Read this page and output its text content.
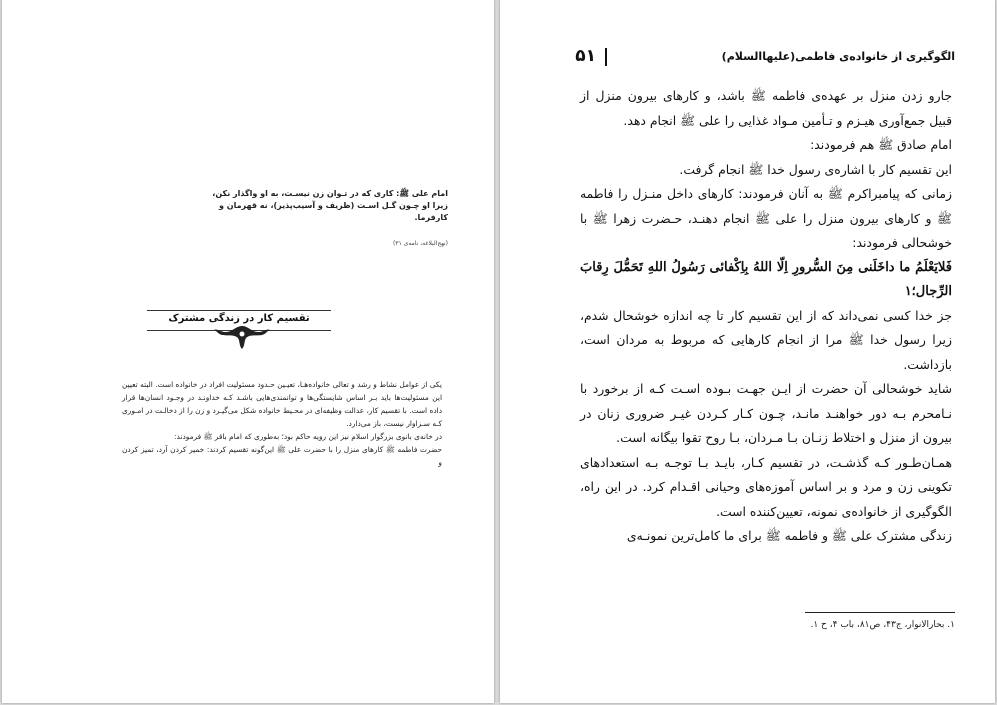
امام علی ﷺ: کاری که در تـوان زن نیسـت، به او واگذار نکن، زیرا او چـون گـل اسـت (ظریف و آسیب‌پذیر)، نه قهرمان و کارفرما.
(نهج‌البلاغه، نامه‌ی ۳۱)
تقسیم کار در زندگی مشترک

یکی از عوامل نشاط و رشد و تعالی خانواده‌هـا، تعیـین حـدود مسئولیت افراد در خانواده است. البته تعیین این مسئولیت‌ها باید بـر اساس شایستگی‌ها و توانمندی‌هایی باشـد کـه خداونـد در وجـود انسان‌ها قرار داده است. با تقسیم کار، عدالت وظیفه‌ای در محـیط خانواده شکل می‌گیـرد و زن را از دخالـت در امـوری کـه سـزاوار نیست، باز می‌دارد.

در خانه‌ی بانوی بزرگوار اسلام نیز این رویه حاکم بود؛ به‌طوری که امام باقر ﷺ فرمودند:

حضرت فاطمه ﷺ کارهای منزل را با حضرت علی ﷺ این‌گونه تقسیم کردند: خمیر کردن آرد، تمیز کردن و

۵۱	الگوگیری از خانواده‌ی فاطمی(علیهاالسلام)

جارو زدن منزل بر عهده‌ی فاطمه ﷺ باشد، و کارهای بیرون منزل از قبیل جمع‌آوری هیـزم و تـأمین مـواد غذایی را علی ﷺ انجام دهد.

امام صادق ﷺ هم فرمودند:

این تقسیم کار با اشاره‌ی رسول خدا ﷺ انجام گرفت.

زمانی که پیامبراکرم ﷺ به آنان فرمودند: کارهای داخل منـزل را فاطمه ﷺ و کارهای بیرون منزل را علی ﷺ انجام دهنـد، حـضرت زهرا ﷺ با خوشحالی فرمودند:

فَلایَعْلَمُ ما داخَلَنی مِنَ السُّرورِ اِلّا اللهُ بِاِکْفائی رَسُولُ اللهِ تَحَمُّلَ رِقابَ الرِّجال؛۱

جز خدا کسی نمی‌داند که از این تقسیم کار تا چه اندازه خوشحال شدم، زیرا رسول خدا ﷺ مرا از انجام کارهایی که مربوط به مردان است، بازداشت.

شاید خوشحالی آن حضرت از ایـن جهـت بـوده اسـت کـه از برخورد با نـامحرم بـه دور خواهنـد مانـد، چـون کـار کـردن غیـر ضروری زنان در بیرون از منزل و اختلاط زنـان بـا مـردان، بـا روح تقوا بیگانه است.

همـان‌طـور کـه گذشـت، در تقسیم کـار، بایـد بـا توجـه بـه استعدادهای تکوینی زن و مرد و بر اساس آموزه‌های وحیانی اقـدام کرد. در این راه، الگوگیری از خانواده‌ی نمونه، تعیین‌کننده است.

زندگی مشترک علی ﷺ و فاطمه ﷺ برای ما کامل‌ترین نمونـه‌ی

۱. بحارالانوار، ج۴۳، ص۸۱، باب ۴، ح ۱.
